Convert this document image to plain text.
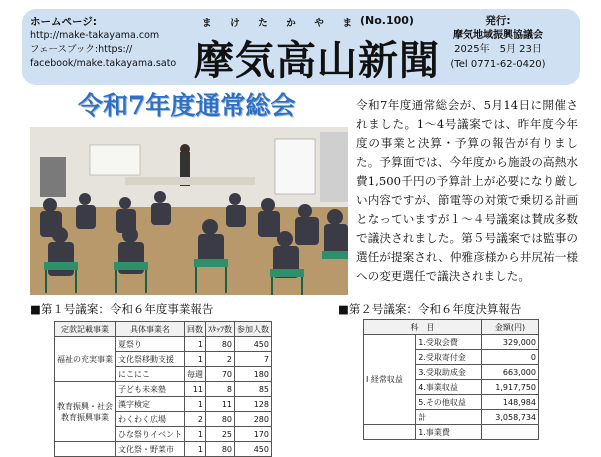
ホームページ:
http://make-takayama.com
フェースブック:https://
facebook/make.takayama.sato
ま け た か や ま (No.100)
摩気高山新聞
発行:
摩気地域振興協議会
2025年　5月 23日
(Tel 0771-62-0420)
令和7年度通常総会	令和7年度通常総会が、5月14日に開催されました。1〜4号議案では、昨年度今年度の事業と決算・予算の報告が有りました。予算面では、今年度から施設の高熱水費1,500千円の予算計上が必要になり厳しい内容ですが、節電等の対策で乗切る計画となっていますが１〜４号議案は賛成多数で議決されました。第５号議案では監事の選任が提案され、仲雅彦様から井尻祐一様への変更選任で議決されました。
■第１号議案：令和６年度事業報告	■第２号議案：令和６年度決算報告
定款記載事業	具体事業名	回数	ｽﾀｯﾌ数	参加人数
福祉の充実事業	夏祭り	1	80	450
	文化祭移動支援	1	2	7
	にこにこ	毎週	70	180
教育振興・社会教育振興事業	子ども未来塾	11	8	85
	漢字検定	1	11	128
	わくわく広場	2	80	280
	ひな祭りイベント	1	25	170
	文化祭・野菜市	1	80	450
科　目		金額(円)
Ⅰ 経常収益	1.受取会費	329,000
	2.受取寄付金	0
	3.受取助成金	663,000
	4.事業収益	1,917,750
	5.その他収益	148,984
	計	3,058,734
	1.事業費	
